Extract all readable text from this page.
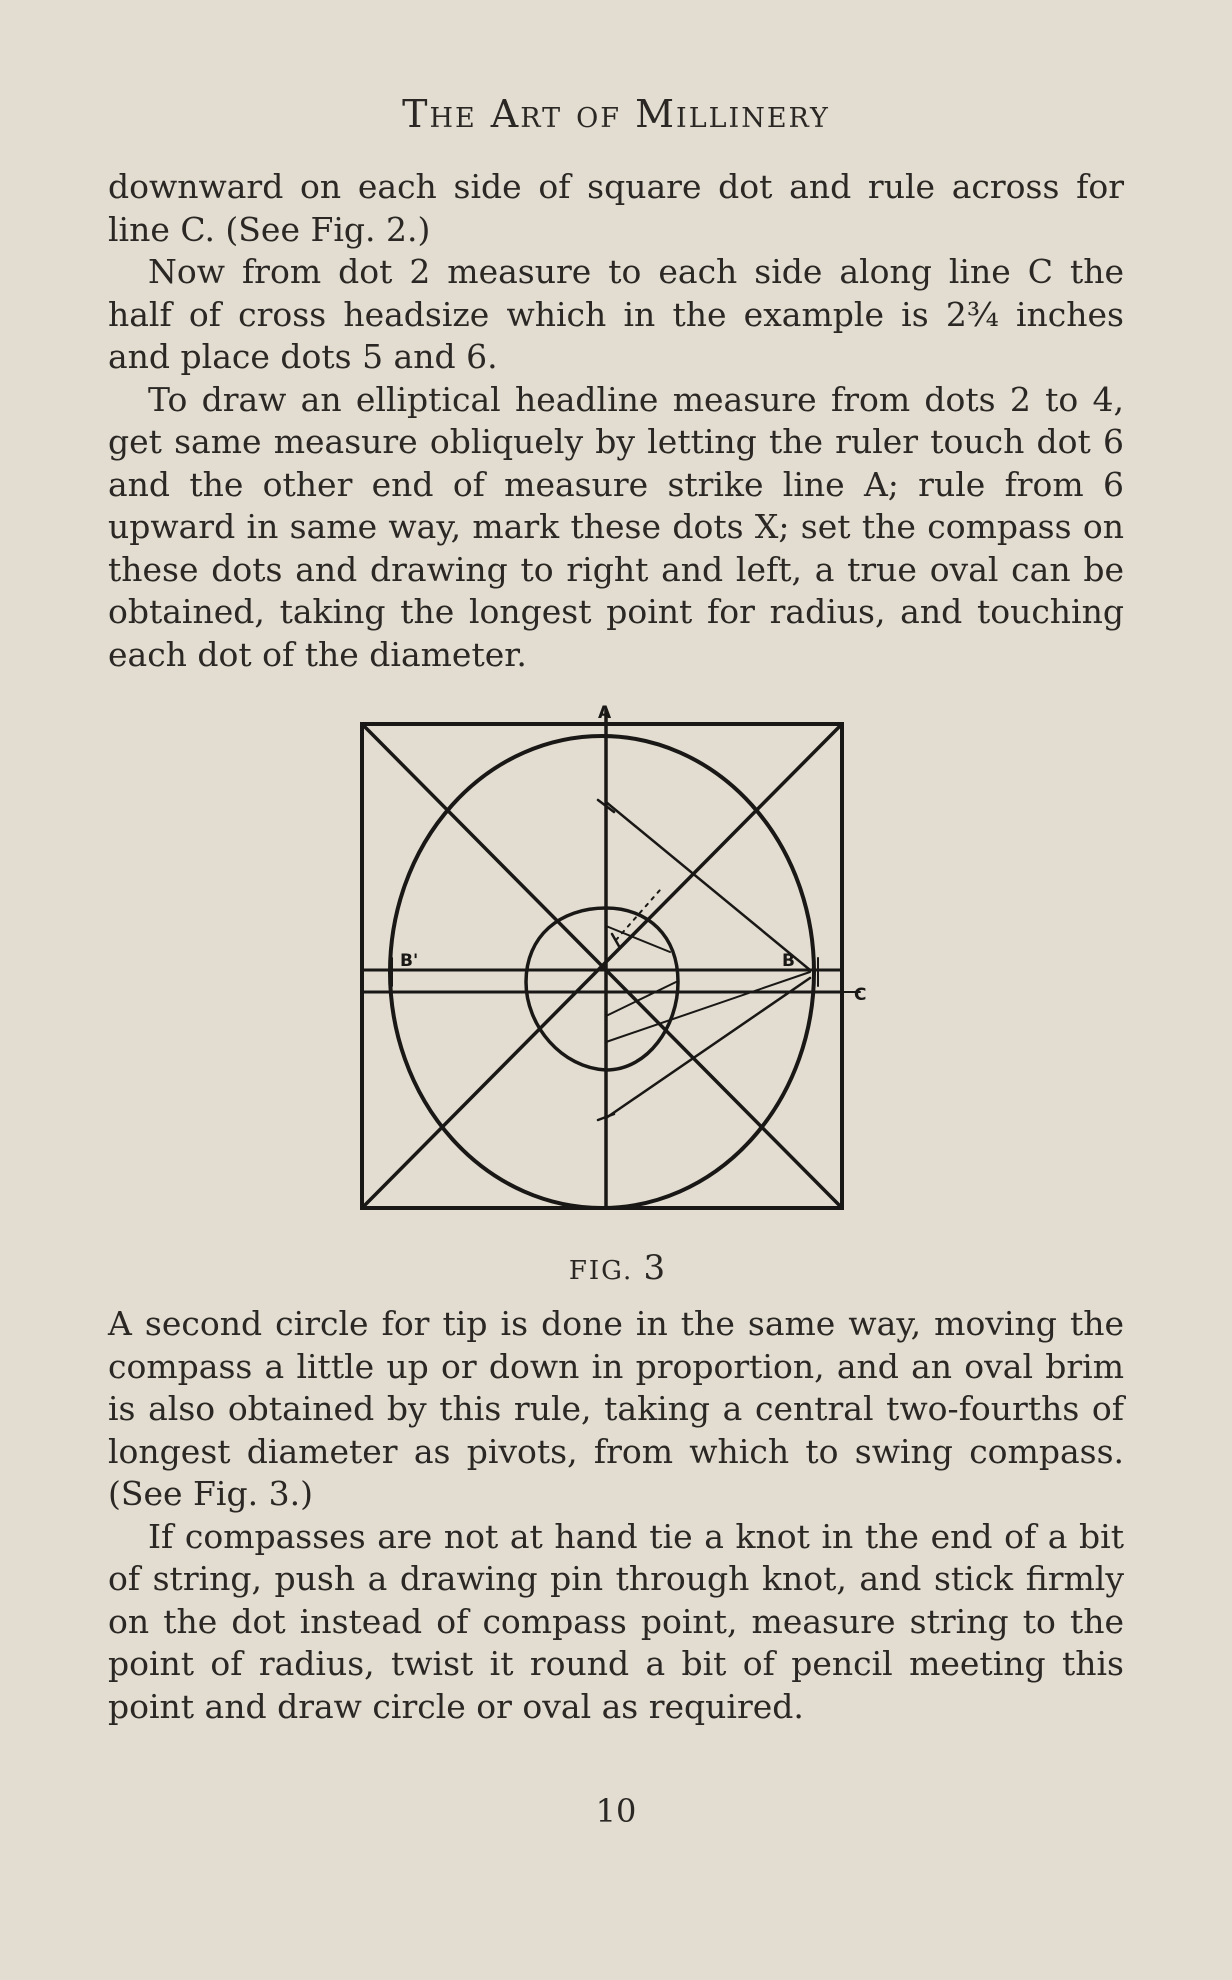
The Art of Millinery

downward on each side of square dot and rule across for line C. (See Fig. 2.)

Now from dot 2 measure to each side along line C the half of cross headsize which in the example is 2¾ inches and place dots 5 and 6.

To draw an elliptical headline measure from dots 2 to 4, get same measure obliquely by letting the ruler touch dot 6 and the other end of measure strike line A; rule from 6 upward in same way, mark these dots X; set the compass on these dots and drawing to right and left, a true oval can be obtained, taking the longest point for radius, and touching each dot of the diameter.

A
B
B'
C
FIG. 3

A second circle for tip is done in the same way, moving the compass a little up or down in proportion, and an oval brim is also obtained by this rule, taking a central two-fourths of longest diameter as pivots, from which to swing compass. (See Fig. 3.)

If compasses are not at hand tie a knot in the end of a bit of string, push a drawing pin through knot, and stick firmly on the dot instead of compass point, measure string to the point of radius, twist it round a bit of pencil meeting this point and draw circle or oval as required.

10
